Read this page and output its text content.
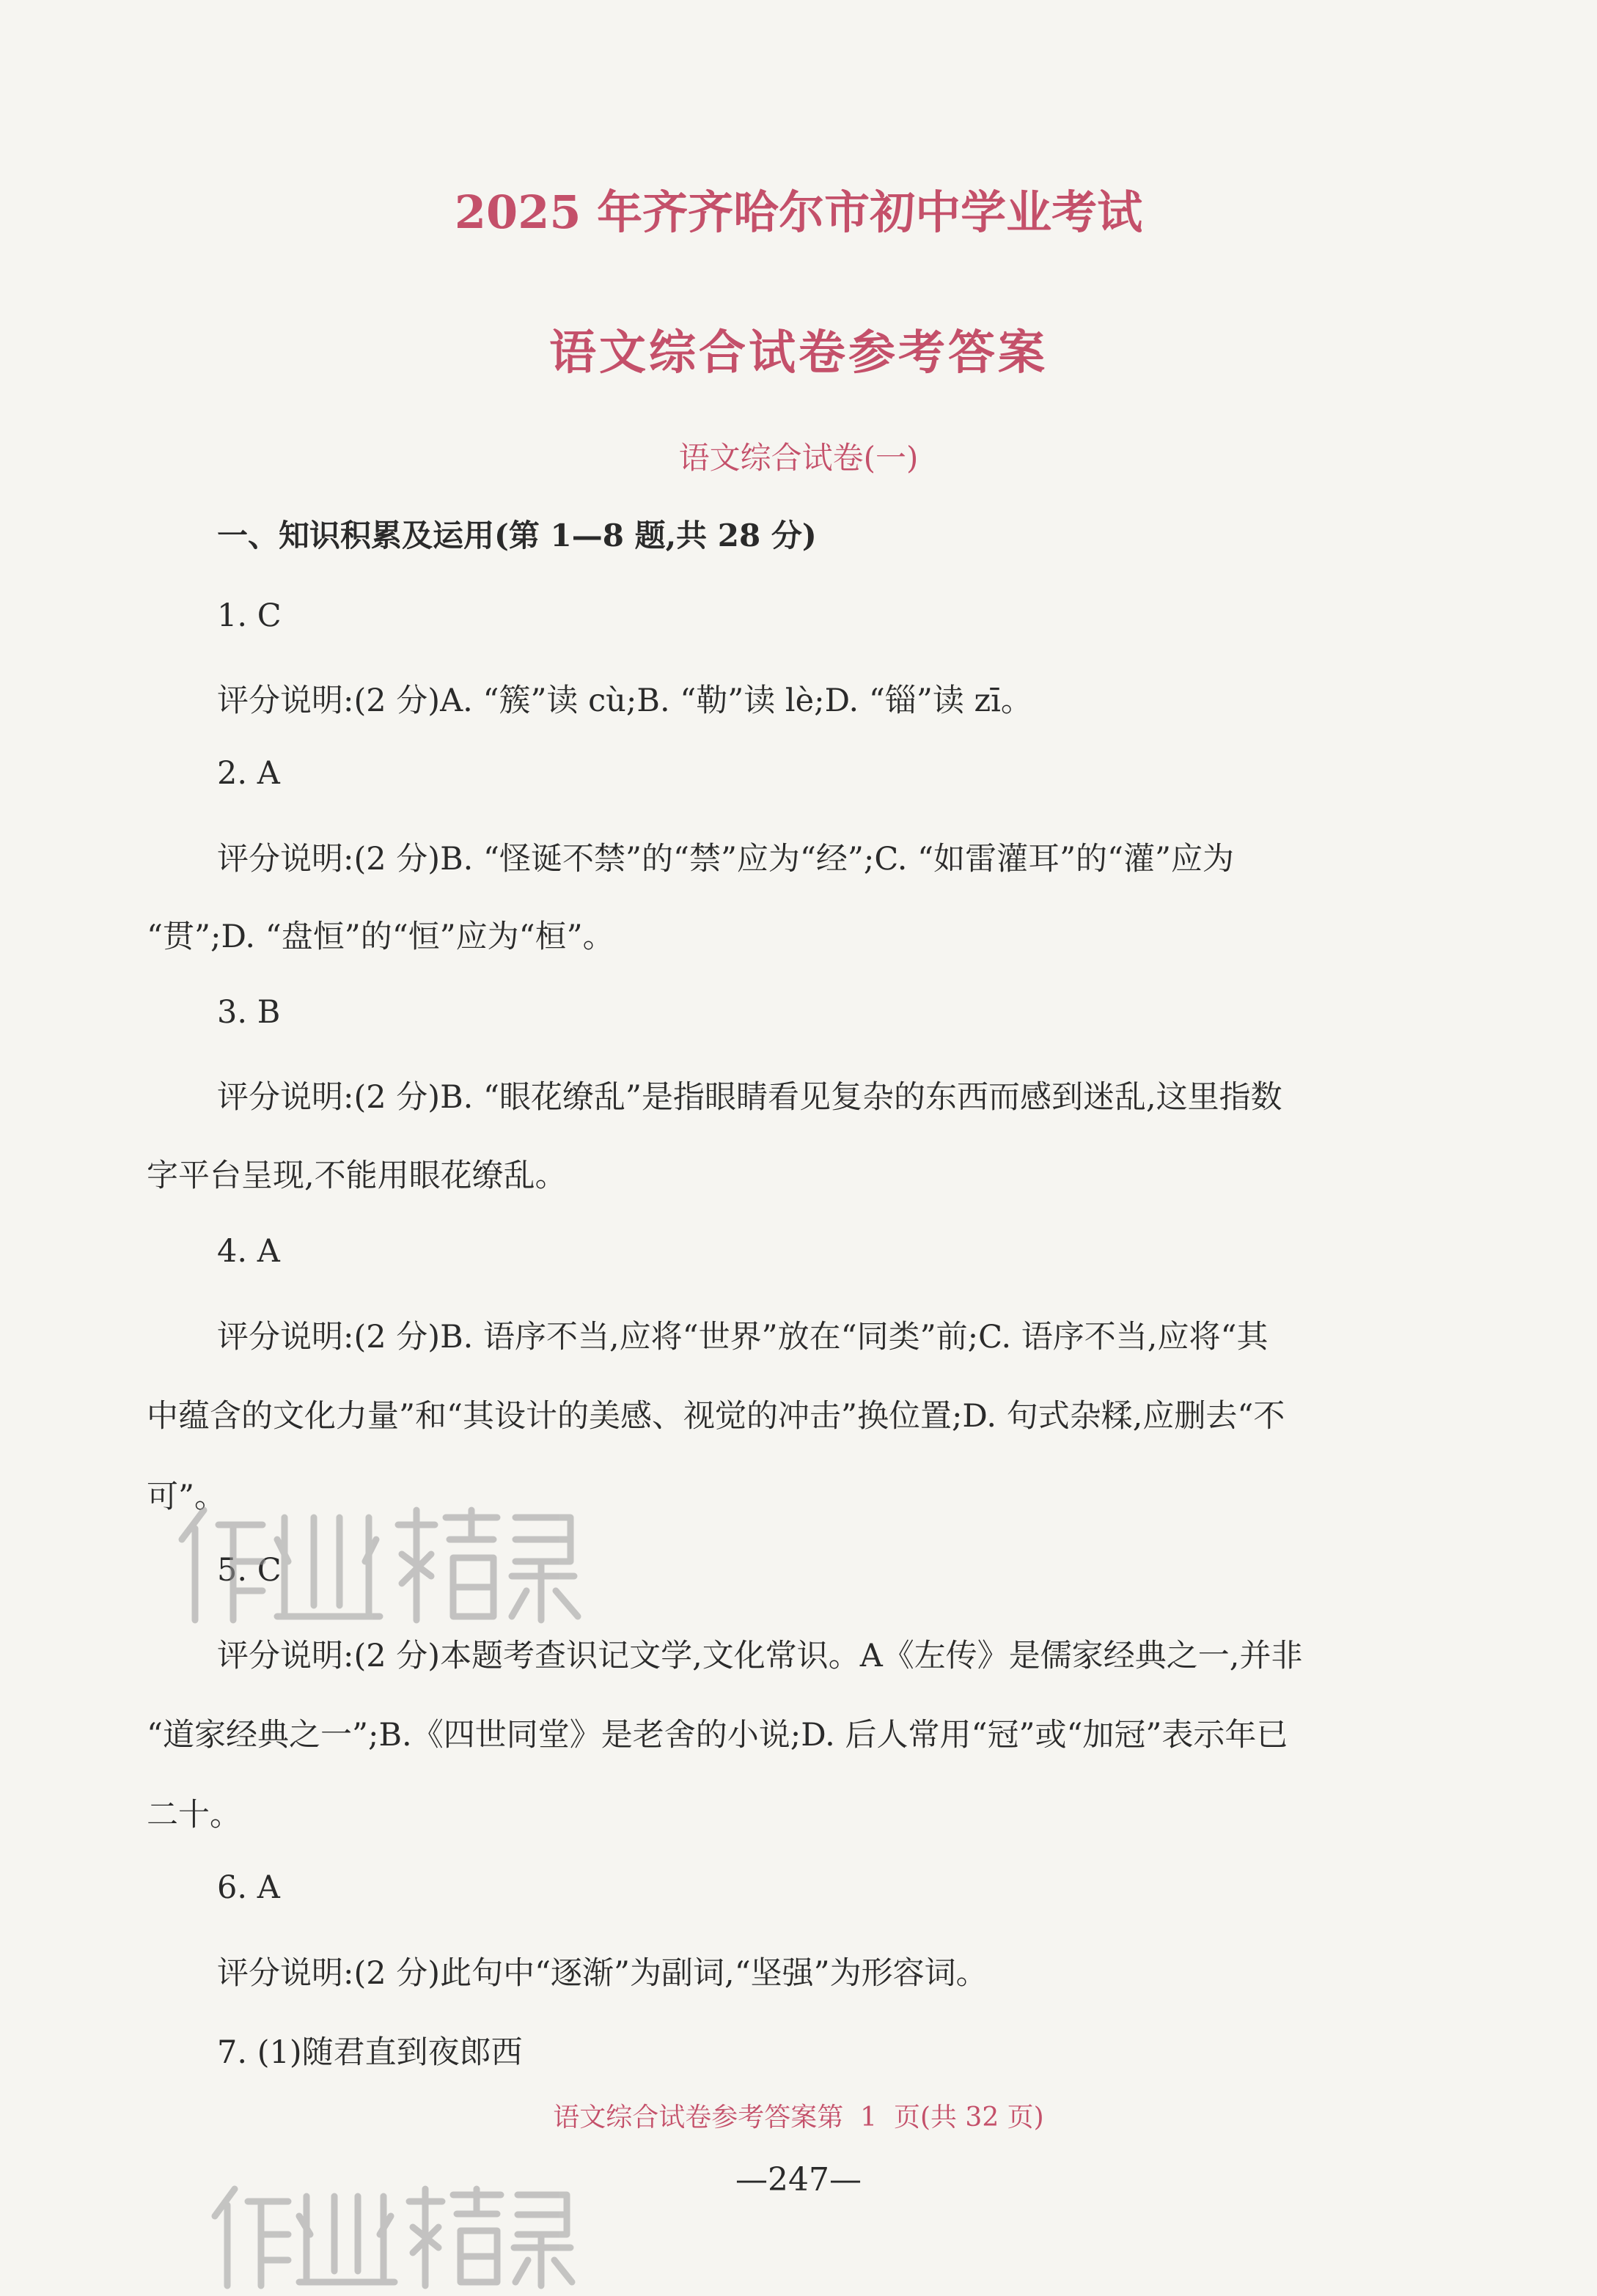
2025 年齐齐哈尔市初中学业考试
语文综合试卷参考答案
语文综合试卷(一)
一、知识积累及运用(第 1—8 题,共 28 分)
1. C
评分说明:(2 分)A. “簇”读 cù;B. “勒”读 lè;D. “锱”读 zī。
2. A
评分说明:(2 分)B. “怪诞不禁”的“禁”应为“经”;C. “如雷灌耳”的“灌”应为
“贯”;D. “盘恒”的“恒”应为“桓”。
3. B
评分说明:(2 分)B. “眼花缭乱”是指眼睛看见复杂的东西而感到迷乱,这里指数
字平台呈现,不能用眼花缭乱。
4. A
评分说明:(2 分)B. 语序不当,应将“世界”放在“同类”前;C. 语序不当,应将“其
中蕴含的文化力量”和“其设计的美感、视觉的冲击”换位置;D. 句式杂糅,应删去“不
可”。
5. C
评分说明:(2 分)本题考查识记文学,文化常识。A《左传》是儒家经典之一,并非
“道家经典之一”;B.《四世同堂》是老舍的小说;D. 后人常用“冠”或“加冠”表示年已
二十。
6. A
评分说明:(2 分)此句中“逐渐”为副词,“坚强”为形容词。
7. (1)随君直到夜郎西
语文综合试卷参考答案第  1  页(共 32 页)
—247—
